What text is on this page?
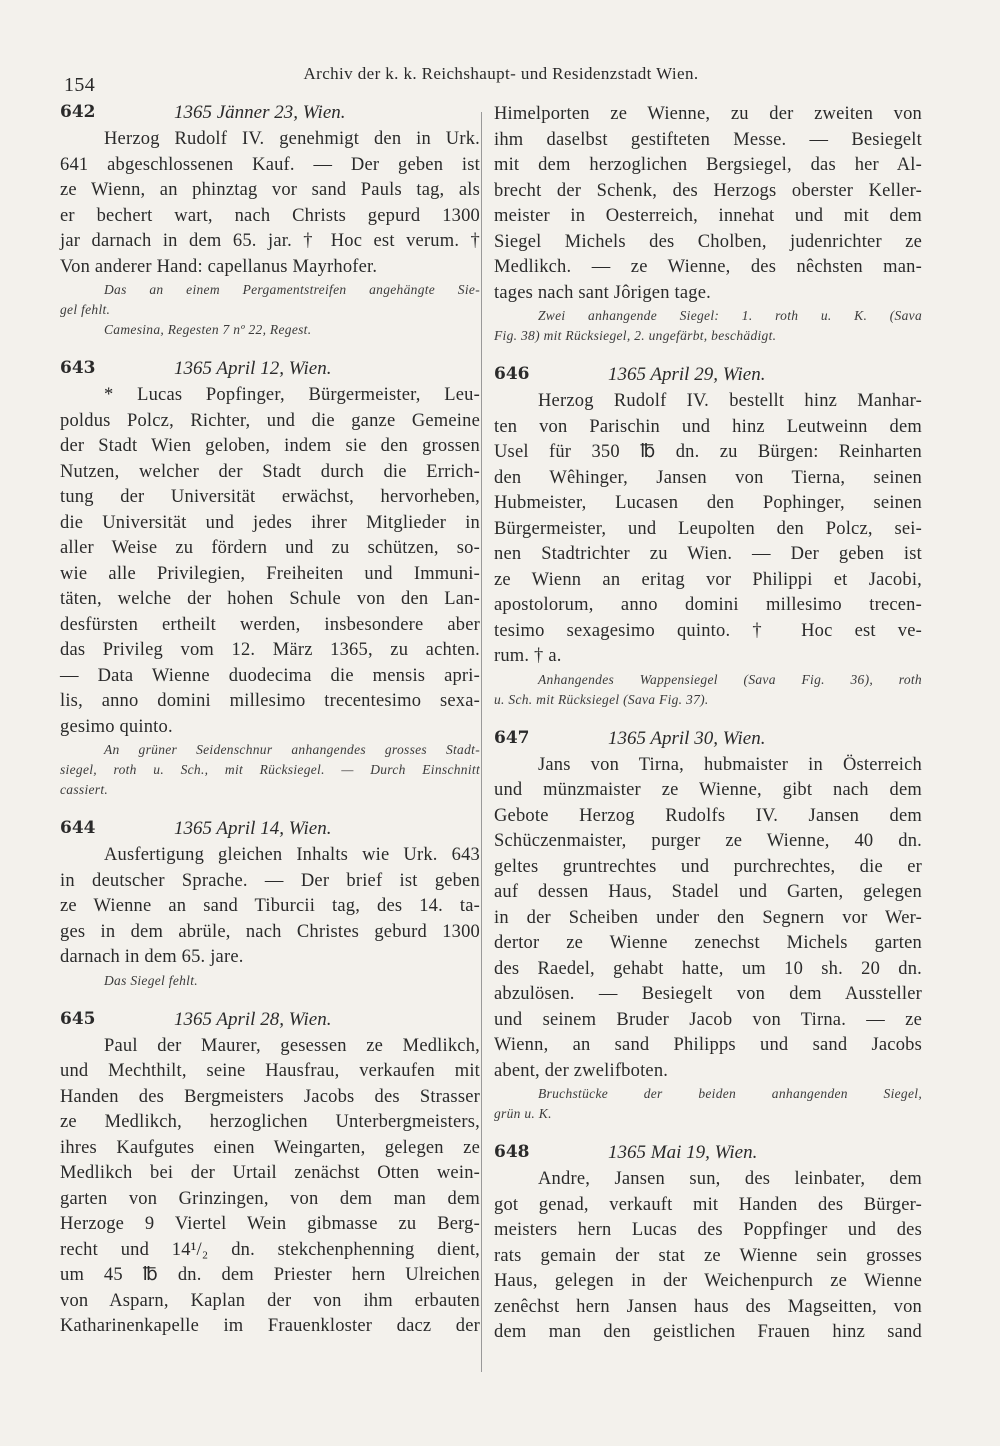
154
Archiv der k. k. Reichshaupt- und Residenzstadt Wien.
642	1365 Jänner 23, Wien.
Herzog Rudolf IV. genehmigt den in Urk.
641 abgeschlossenen Kauf. — Der geben ist
ze Wienn, an phinztag vor sand Pauls tag, als
er bechert wart, nach Christs gepurd 1300
jar darnach in dem 65. jar. † Hoc est verum. †
Von anderer Hand: capellanus Mayrhofer.
Das an einem Pergamentstreifen angehängte Sie-
gel fehlt.
Camesina, Regesten 7 nº 22, Regest.
643	1365 April 12, Wien.
* Lucas Popfinger, Bürgermeister, Leu-
poldus Polcz, Richter, und die ganze Gemeine
der Stadt Wien geloben, indem sie den grossen
Nutzen, welcher der Stadt durch die Errich-
tung der Universität erwächst, hervorheben,
die Universität und jedes ihrer Mitglieder in
aller Weise zu fördern und zu schützen, so-
wie alle Privilegien, Freiheiten und Immuni-
täten, welche der hohen Schule von den Lan-
desfürsten ertheilt werden, insbesondere aber
das Privileg vom 12. März 1365, zu achten.
— Data Wienne duodecima die mensis apri-
lis, anno domini millesimo trecentesimo sexa-
gesimo quinto.
An grüner Seidenschnur anhangendes grosses Stadt-
siegel, roth u. Sch., mit Rücksiegel. — Durch Einschnitt
cassiert.
644	1365 April 14, Wien.
Ausfertigung gleichen Inhalts wie Urk. 643
in deutscher Sprache. — Der brief ist geben
ze Wienne an sand Tiburcii tag, des 14. ta-
ges in dem abrüle, nach Christes geburd 1300
darnach in dem 65. jare.
Das Siegel fehlt.
645	1365 April 28, Wien.
Paul der Maurer, gesessen ze Medlikch,
und Mechthilt, seine Hausfrau, verkaufen mit
Handen des Bergmeisters Jacobs des Strasser
ze Medlikch, herzoglichen Unterbergmeisters,
ihres Kaufgutes einen Weingarten, gelegen ze
Medlikch bei der Urtail zenächst Otten wein-
garten von Grinzingen, von dem man dem
Herzoge 9 Viertel Wein gibmasse zu Berg-
recht und 14¹/₂ dn. stekchenphenning dient,
um 45 ℔ dn. dem Priester hern Ulreichen
von Asparn, Kaplan der von ihm erbauten
Katharinenkapelle im Frauenkloster dacz der
Himelporten ze Wienne, zu der zweiten von
ihm daselbst gestifteten Messe. — Besiegelt
mit dem herzoglichen Bergsiegel, das her Al-
brecht der Schenk, des Herzogs oberster Keller-
meister in Oesterreich, innehat und mit dem
Siegel Michels des Cholben, judenrichter ze
Medlikch. — ze Wienne, des nêchsten man-
tages nach sant Jôrigen tage.
Zwei anhangende Siegel: 1. roth u. K. (Sava
Fig. 38) mit Rücksiegel, 2. ungefärbt, beschädigt.
646	1365 April 29, Wien.
Herzog Rudolf IV. bestellt hinz Manhar-
ten von Parischin und hinz Leutweinn dem
Usel für 350 ℔ dn. zu Bürgen: Reinharten
den Wêhinger, Jansen von Tierna, seinen
Hubmeister, Lucasen den Pophinger, seinen
Bürgermeister, und Leupolten den Polcz, sei-
nen Stadtrichter zu Wien. — Der geben ist
ze Wienn an eritag vor Philippi et Jacobi,
apostolorum, anno domini millesimo trecen-
tesimo sexagesimo quinto. † Hoc est ve-
rum. † a.
Anhangendes Wappensiegel (Sava Fig. 36), roth
u. Sch. mit Rücksiegel (Sava Fig. 37).
647	1365 April 30, Wien.
Jans von Tirna, hubmaister in Österreich
und münzmaister ze Wienne, gibt nach dem
Gebote Herzog Rudolfs IV. Jansen dem
Schüczenmaister, purger ze Wienne, 40 dn.
geltes gruntrechtes und purchrechtes, die er
auf dessen Haus, Stadel und Garten, gelegen
in der Scheiben under den Segnern vor Wer-
dertor ze Wienne zenechst Michels garten
des Raedel, gehabt hatte, um 10 sh. 20 dn.
abzulösen. — Besiegelt von dem Aussteller
und seinem Bruder Jacob von Tirna. — ze
Wienn, an sand Philipps und sand Jacobs
abent, der zwelifboten.
Bruchstücke der beiden anhangenden Siegel,
grün u. K.
648	1365 Mai 19, Wien.
Andre, Jansen sun, des leinbater, dem
got genad, verkauft mit Handen des Bürger-
meisters hern Lucas des Poppfinger und des
rats gemain der stat ze Wienne sein grosses
Haus, gelegen in der Weichenpurch ze Wienne
zenêchst hern Jansen haus des Magseitten, von
dem man den geistlichen Frauen hinz sand
